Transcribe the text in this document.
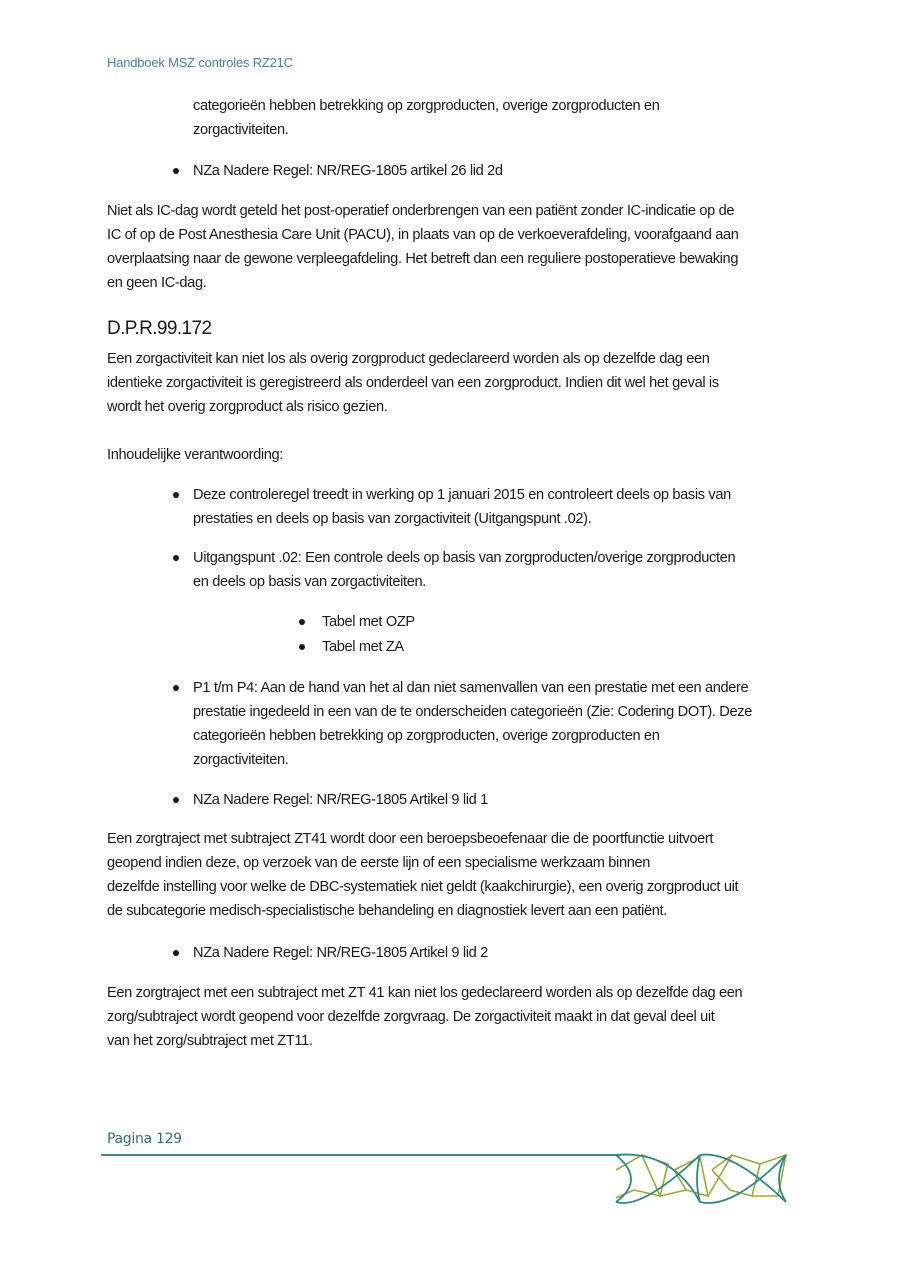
Handboek MSZ controles RZ21C
categorieën hebben betrekking op zorgproducten, overige zorgproducten en
zorgactiviteiten.
NZa Nadere Regel: NR/REG-1805 artikel 26 lid 2d
Niet als IC-dag wordt geteld het post-operatief onderbrengen van een patiënt zonder IC-indicatie op de
IC of op de Post Anesthesia Care Unit (PACU), in plaats van op de verkoeverafdeling, voorafgaand aan
overplaatsing naar de gewone verpleegafdeling. Het betreft dan een reguliere postoperatieve bewaking
en geen IC-dag.
D.P.R.99.172
Een zorgactiviteit kan niet los als overig zorgproduct gedeclareerd worden als op dezelfde dag een
identieke zorgactiviteit is geregistreerd als onderdeel van een zorgproduct. Indien dit wel het geval is
wordt het overig zorgproduct als risico gezien.
Inhoudelijke verantwoording:
Deze controleregel treedt in werking op 1 januari 2015 en controleert deels op basis van
prestaties en deels op basis van zorgactiviteit (Uitgangspunt .02).
Uitgangspunt .02: Een controle deels op basis van zorgproducten/overige zorgproducten
en deels op basis van zorgactiviteiten.
Tabel met OZP
Tabel met ZA
P1 t/m P4: Aan de hand van het al dan niet samenvallen van een prestatie met een andere
prestatie ingedeeld in een van de te onderscheiden categorieën (Zie: Codering DOT). Deze
categorieën hebben betrekking op zorgproducten, overige zorgproducten en
zorgactiviteiten.
NZa Nadere Regel: NR/REG-1805 Artikel 9 lid 1
Een zorgtraject met subtraject ZT41 wordt door een beroepsbeoefenaar die de poortfunctie uitvoert
geopend indien deze, op verzoek van de eerste lijn of een specialisme werkzaam binnen
dezelfde instelling voor welke de DBC-systematiek niet geldt (kaakchirurgie), een overig zorgproduct uit
de subcategorie medisch-specialistische behandeling en diagnostiek levert aan een patiënt.
NZa Nadere Regel: NR/REG-1805 Artikel 9 lid 2
Een zorgtraject met een subtraject met ZT 41 kan niet los gedeclareerd worden als op dezelfde dag een
zorg/subtraject wordt geopend voor dezelfde zorgvraag. De zorgactiviteit maakt in dat geval deel uit
van het zorg/subtraject met ZT11.
Pagina 129
